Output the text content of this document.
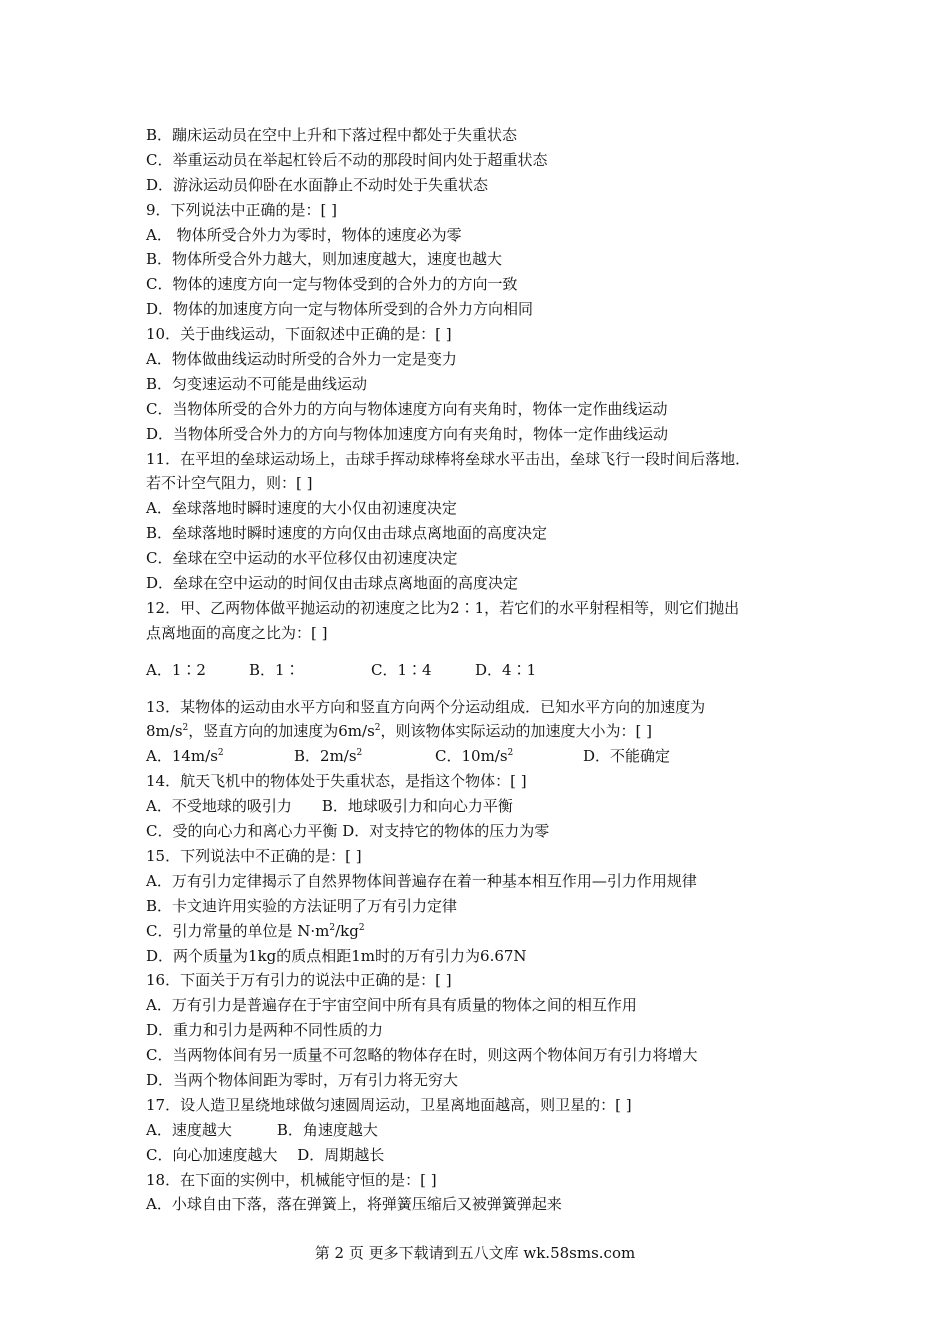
B．蹦床运动员在空中上升和下落过程中都处于失重状态
C．举重运动员在举起杠铃后不动的那段时间内处于超重状态
D．游泳运动员仰卧在水面静止不动时处于失重状态
9．下列说法中正确的是：[ ]
A． 物体所受合外力为零时，物体的速度必为零
B．物体所受合外力越大，则加速度越大，速度也越大
C．物体的速度方向一定与物体受到的合外力的方向一致
D．物体的加速度方向一定与物体所受到的合外力方向相同
10．关于曲线运动，下面叙述中正确的是：[ ]
A．物体做曲线运动时所受的合外力一定是变力
B．匀变速运动不可能是曲线运动
C．当物体所受的合外力的方向与物体速度方向有夹角时，物体一定作曲线运动
D．当物体所受合外力的方向与物体加速度方向有夹角时，物体一定作曲线运动
11．在平坦的垒球运动场上，击球手挥动球棒将垒球水平击出，垒球飞行一段时间后落地．
若不计空气阻力，则：[ ]
A．垒球落地时瞬时速度的大小仅由初速度决定
B．垒球落地时瞬时速度的方向仅由击球点离地面的高度决定
C．垒球在空中运动的水平位移仅由初速度决定
D．垒球在空中运动的时间仅由击球点离地面的高度决定
12．甲、乙两物体做平抛运动的初速度之比为2∶1，若它们的水平射程相等，则它们抛出
点离地面的高度之比为：[ ]
A．1∶2	B．1∶	C．1∶4	D．4∶1
13．某物体的运动由水平方向和竖直方向两个分运动组成．已知水平方向的加速度为
$8m/s^2$，竖直方向的加速度为$6m/s^2$，则该物体实际运动的加速度大小为：[ ]
A．$14m/s^2$	B．$2m/s^2$	C．$10m/s^2$	D．不能确定
14．航天飞机中的物体处于失重状态，是指这个物体：[ ]
A．不受地球的吸引力　　B．地球吸引力和向心力平衡
C．受的向心力和离心力平衡 D．对支持它的物体的压力为零
15．下列说法中不正确的是：[ ]
A．万有引力定律揭示了自然界物体间普遍存在着一种基本相互作用—引力作用规律
B．卡文迪许用实验的方法证明了万有引力定律
C．引力常量的单位是 $N\cdot m^2/kg^2$
D．两个质量为1kg的质点相距1m时的万有引力为6.67N
16．下面关于万有引力的说法中正确的是：[ ]
A．万有引力是普遍存在于宇宙空间中所有具有质量的物体之间的相互作用
D．重力和引力是两种不同性质的力
C．当两物体间有另一质量不可忽略的物体存在时，则这两个物体间万有引力将增大
D．当两个物体间距为零时，万有引力将无穷大
17．设人造卫星绕地球做匀速圆周运动，卫星离地面越高，则卫星的：[ ]
A．速度越大　　　B．角速度越大
C．向心加速度越大　 D．周期越长
18．在下面的实例中，机械能守恒的是：[ ]
A．小球自由下落，落在弹簧上，将弹簧压缩后又被弹簧弹起来
第 2 页 更多下载请到五八文库 wk.58sms.com
